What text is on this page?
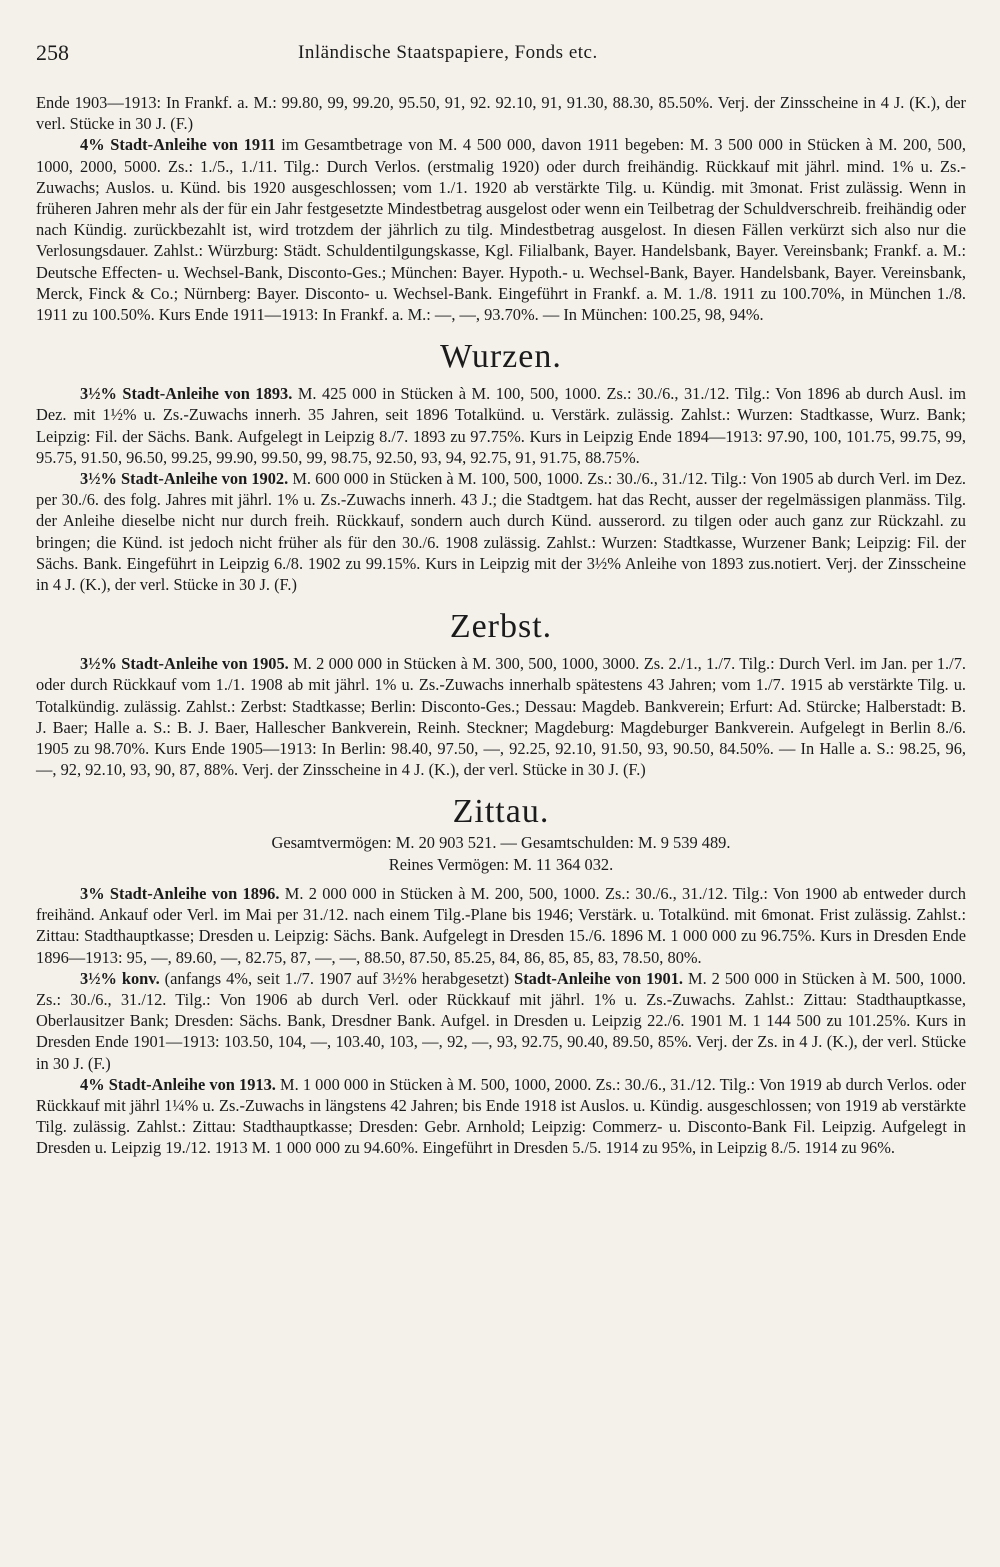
258	Inländische Staatspapiere, Fonds etc.

Ende 1903—1913: In Frankf. a. M.: 99.80, 99, 99.20, 95.50, 91, 92. 92.10, 91, 91.30, 88.30, 85.50%. Verj. der Zinsscheine in 4 J. (K.), der verl. Stücke in 30 J. (F.)

4% Stadt-Anleihe von 1911 im Gesamtbetrage von M. 4 500 000, davon 1911 begeben: M. 3 500 000 in Stücken à M. 200, 500, 1000, 2000, 5000. Zs.: 1./5., 1./11. Tilg.: Durch Verlos. (erstmalig 1920) oder durch freihändig. Rückkauf mit jährl. mind. 1% u. Zs.-Zuwachs; Auslos. u. Künd. bis 1920 ausgeschlossen; vom 1./1. 1920 ab verstärkte Tilg. u. Kündig. mit 3monat. Frist zulässig. Wenn in früheren Jahren mehr als der für ein Jahr festgesetzte Mindestbetrag ausgelost oder wenn ein Teilbetrag der Schuldverschreib. freihändig oder nach Kündig. zurückbezahlt ist, wird trotzdem der jährlich zu tilg. Mindestbetrag ausgelost. In diesen Fällen verkürzt sich also nur die Verlosungsdauer. Zahlst.: Würzburg: Städt. Schuldentilgungskasse, Kgl. Filialbank, Bayer. Handelsbank, Bayer. Vereinsbank; Frankf. a. M.: Deutsche Effecten- u. Wechsel-Bank, Disconto-Ges.; München: Bayer. Hypoth.- u. Wechsel-Bank, Bayer. Handelsbank, Bayer. Vereinsbank, Merck, Finck & Co.; Nürnberg: Bayer. Disconto- u. Wechsel-Bank. Eingeführt in Frankf. a. M. 1./8. 1911 zu 100.70%, in München 1./8. 1911 zu 100.50%. Kurs Ende 1911—1913: In Frankf. a. M.: —, —, 93.70%. — In München: 100.25, 98, 94%.

Wurzen.

3½% Stadt-Anleihe von 1893. M. 425 000 in Stücken à M. 100, 500, 1000. Zs.: 30./6., 31./12. Tilg.: Von 1896 ab durch Ausl. im Dez. mit 1½% u. Zs.-Zuwachs innerh. 35 Jahren, seit 1896 Totalkünd. u. Verstärk. zulässig. Zahlst.: Wurzen: Stadtkasse, Wurz. Bank; Leipzig: Fil. der Sächs. Bank. Aufgelegt in Leipzig 8./7. 1893 zu 97.75%. Kurs in Leipzig Ende 1894—1913: 97.90, 100, 101.75, 99.75, 99, 95.75, 91.50, 96.50, 99.25, 99.90, 99.50, 99, 98.75, 92.50, 93, 94, 92.75, 91, 91.75, 88.75%.

3½% Stadt-Anleihe von 1902. M. 600 000 in Stücken à M. 100, 500, 1000. Zs.: 30./6., 31./12. Tilg.: Von 1905 ab durch Verl. im Dez. per 30./6. des folg. Jahres mit jährl. 1% u. Zs.-Zuwachs innerh. 43 J.; die Stadtgem. hat das Recht, ausser der regelmässigen planmäss. Tilg. der Anleihe dieselbe nicht nur durch freih. Rückkauf, sondern auch durch Künd. ausserord. zu tilgen oder auch ganz zur Rückzahl. zu bringen; die Künd. ist jedoch nicht früher als für den 30./6. 1908 zulässig. Zahlst.: Wurzen: Stadtkasse, Wurzener Bank; Leipzig: Fil. der Sächs. Bank. Eingeführt in Leipzig 6./8. 1902 zu 99.15%. Kurs in Leipzig mit der 3½% Anleihe von 1893 zus.notiert. Verj. der Zinsscheine in 4 J. (K.), der verl. Stücke in 30 J. (F.)

Zerbst.

3½% Stadt-Anleihe von 1905. M. 2 000 000 in Stücken à M. 300, 500, 1000, 3000. Zs. 2./1., 1./7. Tilg.: Durch Verl. im Jan. per 1./7. oder durch Rückkauf vom 1./1. 1908 ab mit jährl. 1% u. Zs.-Zuwachs innerhalb spätestens 43 Jahren; vom 1./7. 1915 ab verstärkte Tilg. u. Totalkündig. zulässig. Zahlst.: Zerbst: Stadtkasse; Berlin: Disconto-Ges.; Dessau: Magdeb. Bankverein; Erfurt: Ad. Stürcke; Halberstadt: B. J. Baer; Halle a. S.: B. J. Baer, Hallescher Bankverein, Reinh. Steckner; Magdeburg: Magdeburger Bankverein. Aufgelegt in Berlin 8./6. 1905 zu 98.70%. Kurs Ende 1905—1913: In Berlin: 98.40, 97.50, —, 92.25, 92.10, 91.50, 93, 90.50, 84.50%. — In Halle a. S.: 98.25, 96, —, 92, 92.10, 93, 90, 87, 88%. Verj. der Zinsscheine in 4 J. (K.), der verl. Stücke in 30 J. (F.)

Zittau.

Gesamtvermögen: M. 20 903 521. — Gesamtschulden: M. 9 539 489.

Reines Vermögen: M. 11 364 032.

3% Stadt-Anleihe von 1896. M. 2 000 000 in Stücken à M. 200, 500, 1000. Zs.: 30./6., 31./12. Tilg.: Von 1900 ab entweder durch freihänd. Ankauf oder Verl. im Mai per 31./12. nach einem Tilg.-Plane bis 1946; Verstärk. u. Totalkünd. mit 6monat. Frist zulässig. Zahlst.: Zittau: Stadthauptkasse; Dresden u. Leipzig: Sächs. Bank. Aufgelegt in Dresden 15./6. 1896 M. 1 000 000 zu 96.75%. Kurs in Dresden Ende 1896—1913: 95, —, 89.60, —, 82.75, 87, —, —, 88.50, 87.50, 85.25, 84, 86, 85, 85, 83, 78.50, 80%.

3½% konv. (anfangs 4%, seit 1./7. 1907 auf 3½% herabgesetzt) Stadt-Anleihe von 1901. M. 2 500 000 in Stücken à M. 500, 1000. Zs.: 30./6., 31./12. Tilg.: Von 1906 ab durch Verl. oder Rückkauf mit jährl. 1% u. Zs.-Zuwachs. Zahlst.: Zittau: Stadthauptkasse, Oberlausitzer Bank; Dresden: Sächs. Bank, Dresdner Bank. Aufgel. in Dresden u. Leipzig 22./6. 1901 M. 1 144 500 zu 101.25%. Kurs in Dresden Ende 1901—1913: 103.50, 104, —, 103.40, 103, —, 92, —, 93, 92.75, 90.40, 89.50, 85%. Verj. der Zs. in 4 J. (K.), der verl. Stücke in 30 J. (F.)

4% Stadt-Anleihe von 1913. M. 1 000 000 in Stücken à M. 500, 1000, 2000. Zs.: 30./6., 31./12. Tilg.: Von 1919 ab durch Verlos. oder Rückkauf mit jährl 1¼% u. Zs.-Zuwachs in längstens 42 Jahren; bis Ende 1918 ist Auslos. u. Kündig. ausgeschlossen; von 1919 ab verstärkte Tilg. zulässig. Zahlst.: Zittau: Stadthauptkasse; Dresden: Gebr. Arnhold; Leipzig: Commerz- u. Disconto-Bank Fil. Leipzig. Aufgelegt in Dresden u. Leipzig 19./12. 1913 M. 1 000 000 zu 94.60%. Eingeführt in Dresden 5./5. 1914 zu 95%, in Leipzig 8./5. 1914 zu 96%.
